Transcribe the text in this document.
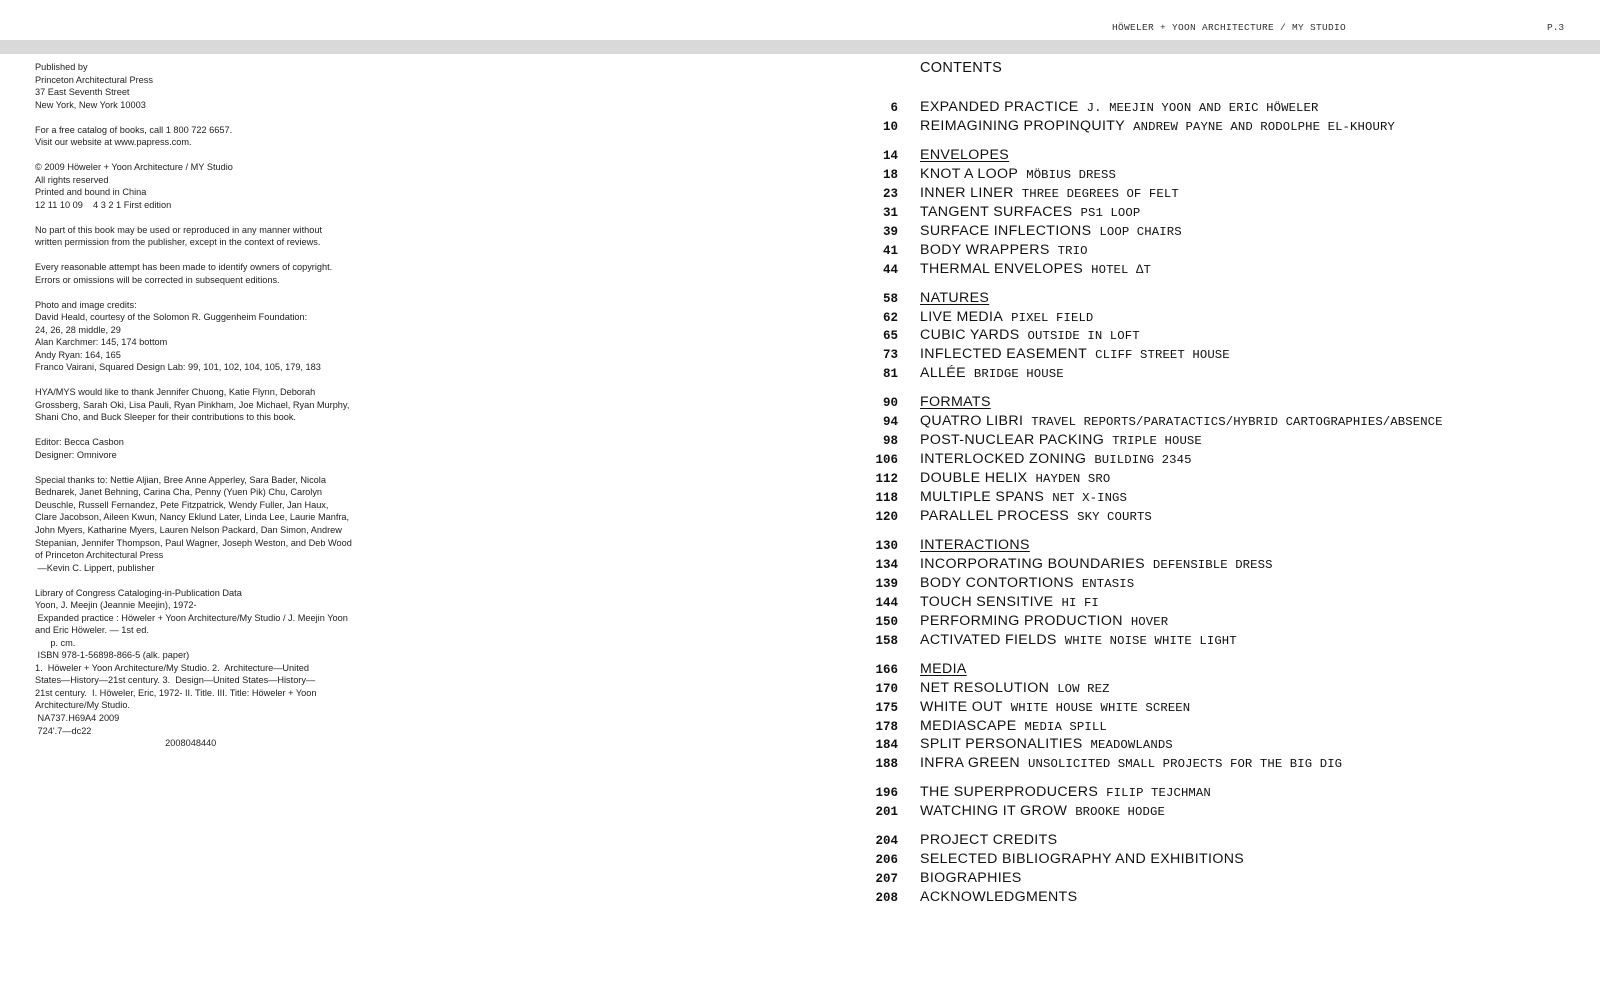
HÖWELER + YOON ARCHITECTURE / MY STUDIO	P.3
Published by
Princeton Architectural Press
37 East Seventh Street
New York, New York 10003
For a free catalog of books, call 1 800 722 6657.
Visit our website at www.papress.com.
© 2009 Höweler + Yoon Architecture / MY Studio
All rights reserved
Printed and bound in China
12 11 10 09    4 3 2 1 First edition
No part of this book may be used or reproduced in any manner without
written permission from the publisher, except in the context of reviews.
Every reasonable attempt has been made to identify owners of copyright.
Errors or omissions will be corrected in subsequent editions.
Photo and image credits:
David Heald, courtesy of the Solomon R. Guggenheim Foundation:
24, 26, 28 middle, 29
Alan Karchmer: 145, 174 bottom
Andy Ryan: 164, 165
Franco Vairani, Squared Design Lab: 99, 101, 102, 104, 105, 179, 183
HYA/MYS would like to thank Jennifer Chuong, Katie Flynn, Deborah
Grossberg, Sarah Oki, Lisa Pauli, Ryan Pinkham, Joe Michael, Ryan Murphy,
Shani Cho, and Buck Sleeper for their contributions to this book.
Editor: Becca Casbon
Designer: Omnivore
Special thanks to: Nettie Aljian, Bree Anne Apperley, Sara Bader, Nicola
Bednarek, Janet Behning, Carina Cha, Penny (Yuen Pik) Chu, Carolyn
Deuschle, Russell Fernandez, Pete Fitzpatrick, Wendy Fuller, Jan Haux,
Clare Jacobson, Aileen Kwun, Nancy Eklund Later, Linda Lee, Laurie Manfra,
John Myers, Katharine Myers, Lauren Nelson Packard, Dan Simon, Andrew
Stepanian, Jennifer Thompson, Paul Wagner, Joseph Weston, and Deb Wood
of Princeton Architectural Press
—Kevin C. Lippert, publisher
Library of Congress Cataloging-in-Publication Data
Yoon, J. Meejin (Jeannie Meejin), 1972-
Expanded practice : Höweler + Yoon Architecture/My Studio / J. Meejin Yoon
and Eric Höweler. — 1st ed.
p. cm.
ISBN 978-1-56898-866-5 (alk. paper)
1.  Höweler + Yoon Architecture/My Studio. 2.  Architecture—United
States—History—21st century. 3.  Design—United States—History—
21st century.  I. Höweler, Eric, 1972- II. Title. III. Title: Höweler + Yoon
Architecture/My Studio.
NA737.H69A4 2009
724'.7—dc22
2008048440
CONTENTS
6 EXPANDED PRACTICE J. MEEJIN YOON AND ERIC HÖWELER
10 REIMAGINING PROPINQUITY ANDREW PAYNE AND RODOLPHE EL-KHOURY
14 ENVELOPES
18 KNOT A LOOP MÖBIUS DRESS
23 INNER LINER THREE DEGREES OF FELT
31 TANGENT SURFACES PS1 LOOP
39 SURFACE INFLECTIONS LOOP CHAIRS
41 BODY WRAPPERS TRIO
44 THERMAL ENVELOPES HOTEL ∆T
58 NATURES
62 LIVE MEDIA PIXEL FIELD
65 CUBIC YARDS OUTSIDE IN LOFT
73 INFLECTED EASEMENT CLIFF STREET HOUSE
81 ALLÉE BRIDGE HOUSE
90 FORMATS
94 QUATRO LIBRI TRAVEL REPORTS/PARATACTICS/HYBRID CARTOGRAPHIES/ABSENCE
98 POST-NUCLEAR PACKING TRIPLE HOUSE
106 INTERLOCKED ZONING BUILDING 2345
112 DOUBLE HELIX HAYDEN SRO
118 MULTIPLE SPANS NET X-INGS
120 PARALLEL PROCESS SKY COURTS
130 INTERACTIONS
134 INCORPORATING BOUNDARIES DEFENSIBLE DRESS
139 BODY CONTORTIONS ENTASIS
144 TOUCH SENSITIVE HI FI
150 PERFORMING PRODUCTION HOVER
158 ACTIVATED FIELDS WHITE NOISE WHITE LIGHT
166 MEDIA
170 NET RESOLUTION LOW REZ
175 WHITE OUT WHITE HOUSE WHITE SCREEN
178 MEDIASCAPE MEDIA SPILL
184 SPLIT PERSONALITIES MEADOWLANDS
188 INFRA GREEN UNSOLICITED SMALL PROJECTS FOR THE BIG DIG
196 THE SUPERPRODUCERS FILIP TEJCHMAN
201 WATCHING IT GROW BROOKE HODGE
204 PROJECT CREDITS
206 SELECTED BIBLIOGRAPHY AND EXHIBITIONS
207 BIOGRAPHIES
208 ACKNOWLEDGMENTS
